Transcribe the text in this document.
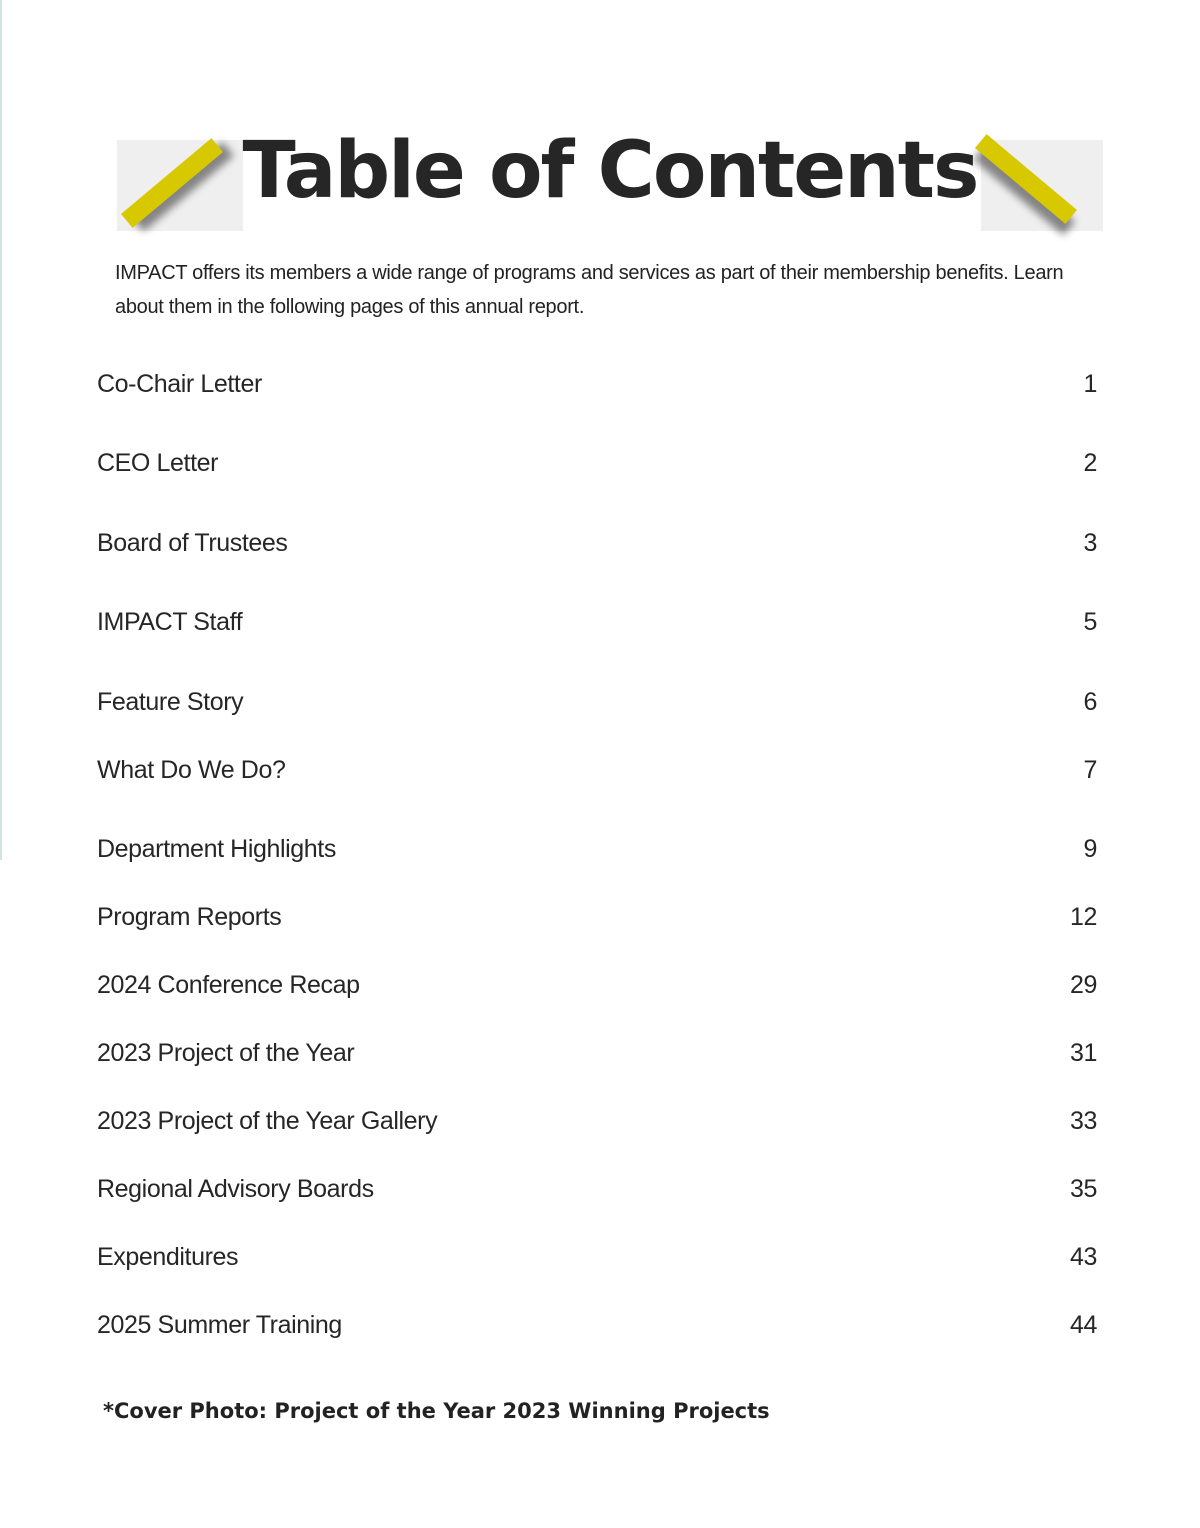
Table of Contents

IMPACT offers its members a wide range of programs and services as part of their membership benefits. Learn about them in the following pages of this annual report.

Co-Chair Letter	1
CEO Letter	2
Board of Trustees	3
IMPACT Staff	5
Feature Story	6
What Do We Do?	7
Department Highlights	9
Program Reports	12
2024 Conference Recap	29
2023 Project of the Year	31
2023 Project of the Year Gallery	33
Regional Advisory Boards	35
Expenditures	43
2025 Summer Training	44

*Cover Photo: Project of the Year 2023 Winning Projects
